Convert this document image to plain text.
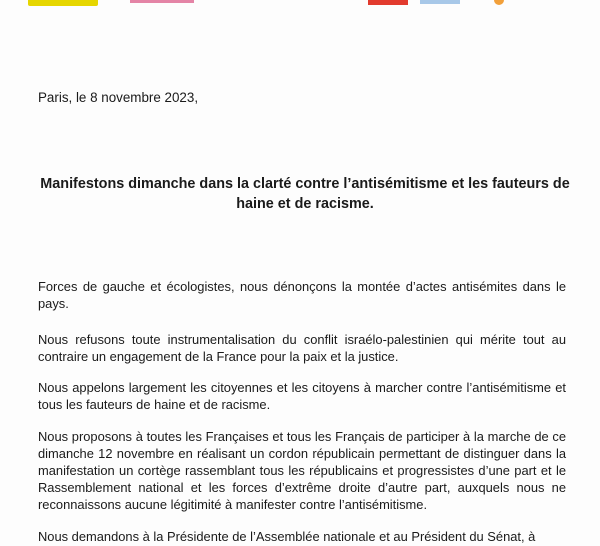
Paris, le 8 novembre 2023,

Manifestons dimanche dans la clarté contre l’antisémitisme et les fauteurs de haine et de racisme.

Forces de gauche et écologistes, nous dénonçons la montée d’actes antisémites dans le pays.

Nous refusons toute instrumentalisation du conflit israélo-palestinien qui mérite tout au contraire un engagement de la France pour la paix et la justice.

Nous appelons largement les citoyennes et les citoyens à marcher contre l’antisémitisme et tous les fauteurs de haine et de racisme.

Nous proposons à toutes les Françaises et tous les Français de participer à la marche de ce dimanche 12 novembre en réalisant un cordon républicain permettant de distinguer dans la manifestation un cortège rassemblant tous les républicains et progressistes d’une part et le Rassemblement national et les forces d’extrême droite d’autre part, auxquels nous ne reconnaissons aucune légitimité à manifester contre l’antisémitisme.

Nous demandons à la Présidente de l’Assemblée nationale et au Président du Sénat, à
